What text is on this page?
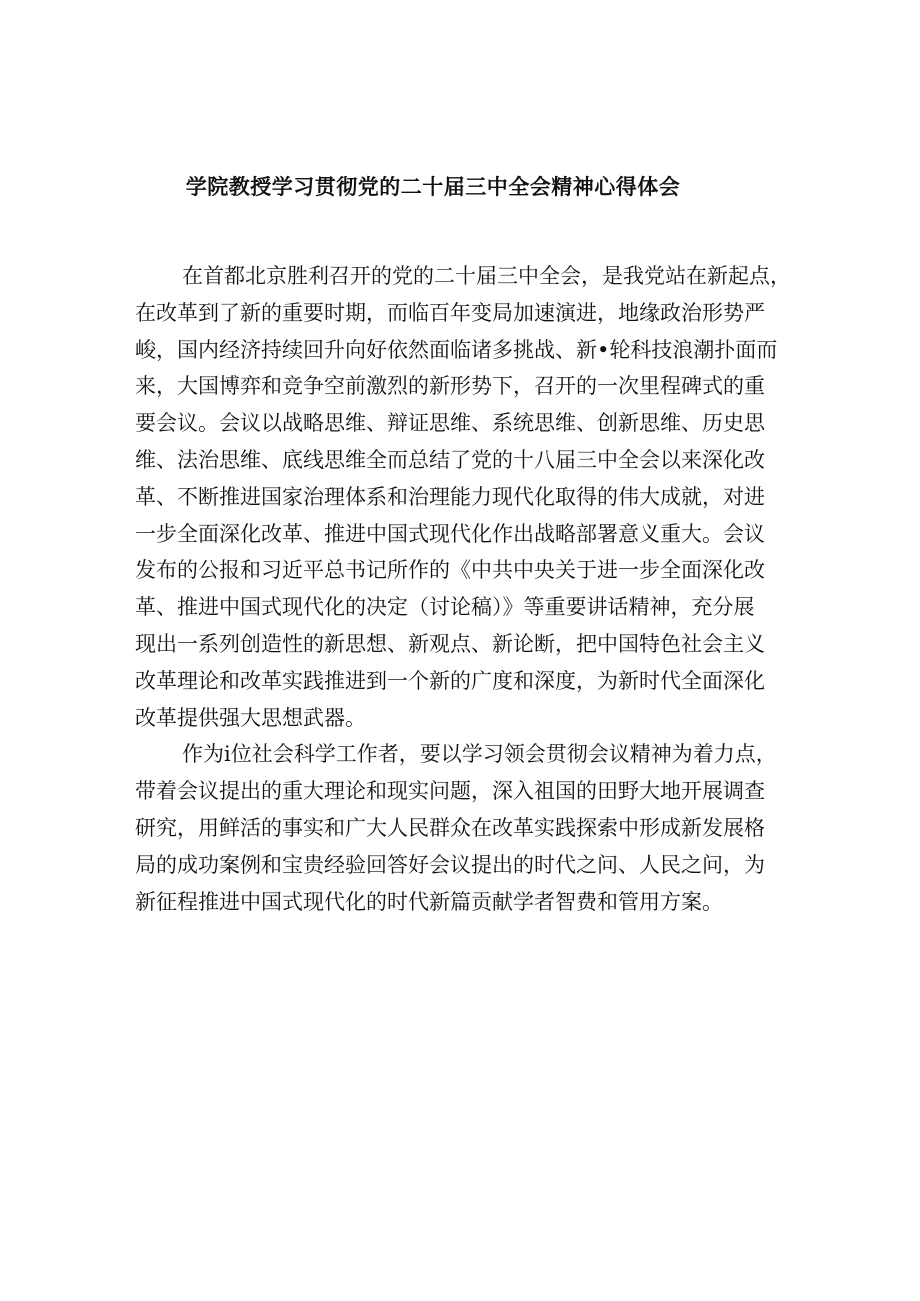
学院教授学习贯彻党的二十届三中全会精神心得体会
在首都北京胜利召开的党的二十届三中全会，是我党站在新起点，
在改革到了新的重要时期，而临百年变局加速演进，地缘政治形势严
峻，国内经济持续回升向好依然面临诸多挑战、新•轮科技浪潮扑面而
来，大国博弈和竞争空前激烈的新形势下，召开的一次里程碑式的重
要会议。会议以战略思维、辩证思维、系统思维、创新思维、历史思
维、法治思维、底线思维全而总结了党的十八届三中全会以来深化改
革、不断推进国家治理体系和治理能力现代化取得的伟大成就，对进
一步全面深化改革、推进中国式现代化作出战略部署意义重大。会议
发布的公报和习近平总书记所作的《中共中央关于进一步全面深化改
革、推进中国式现代化的决定（讨论稿）》等重要讲话精神，充分展
现出一系列创造性的新思想、新观点、新论断，把中国特色社会主义
改革理论和改革实践推进到一个新的广度和深度，为新时代全面深化
改革提供强大思想武器。
作为i位社会科学工作者，要以学习领会贯彻会议精神为着力点，
带着会议提出的重大理论和现实问题，深入祖国的田野大地开展调查
研究，用鲜活的事实和广大人民群众在改革实践探索中形成新发展格
局的成功案例和宝贵经验回答好会议提出的时代之问、人民之问，为
新征程推进中国式现代化的时代新篇贡献学者智费和管用方案。
